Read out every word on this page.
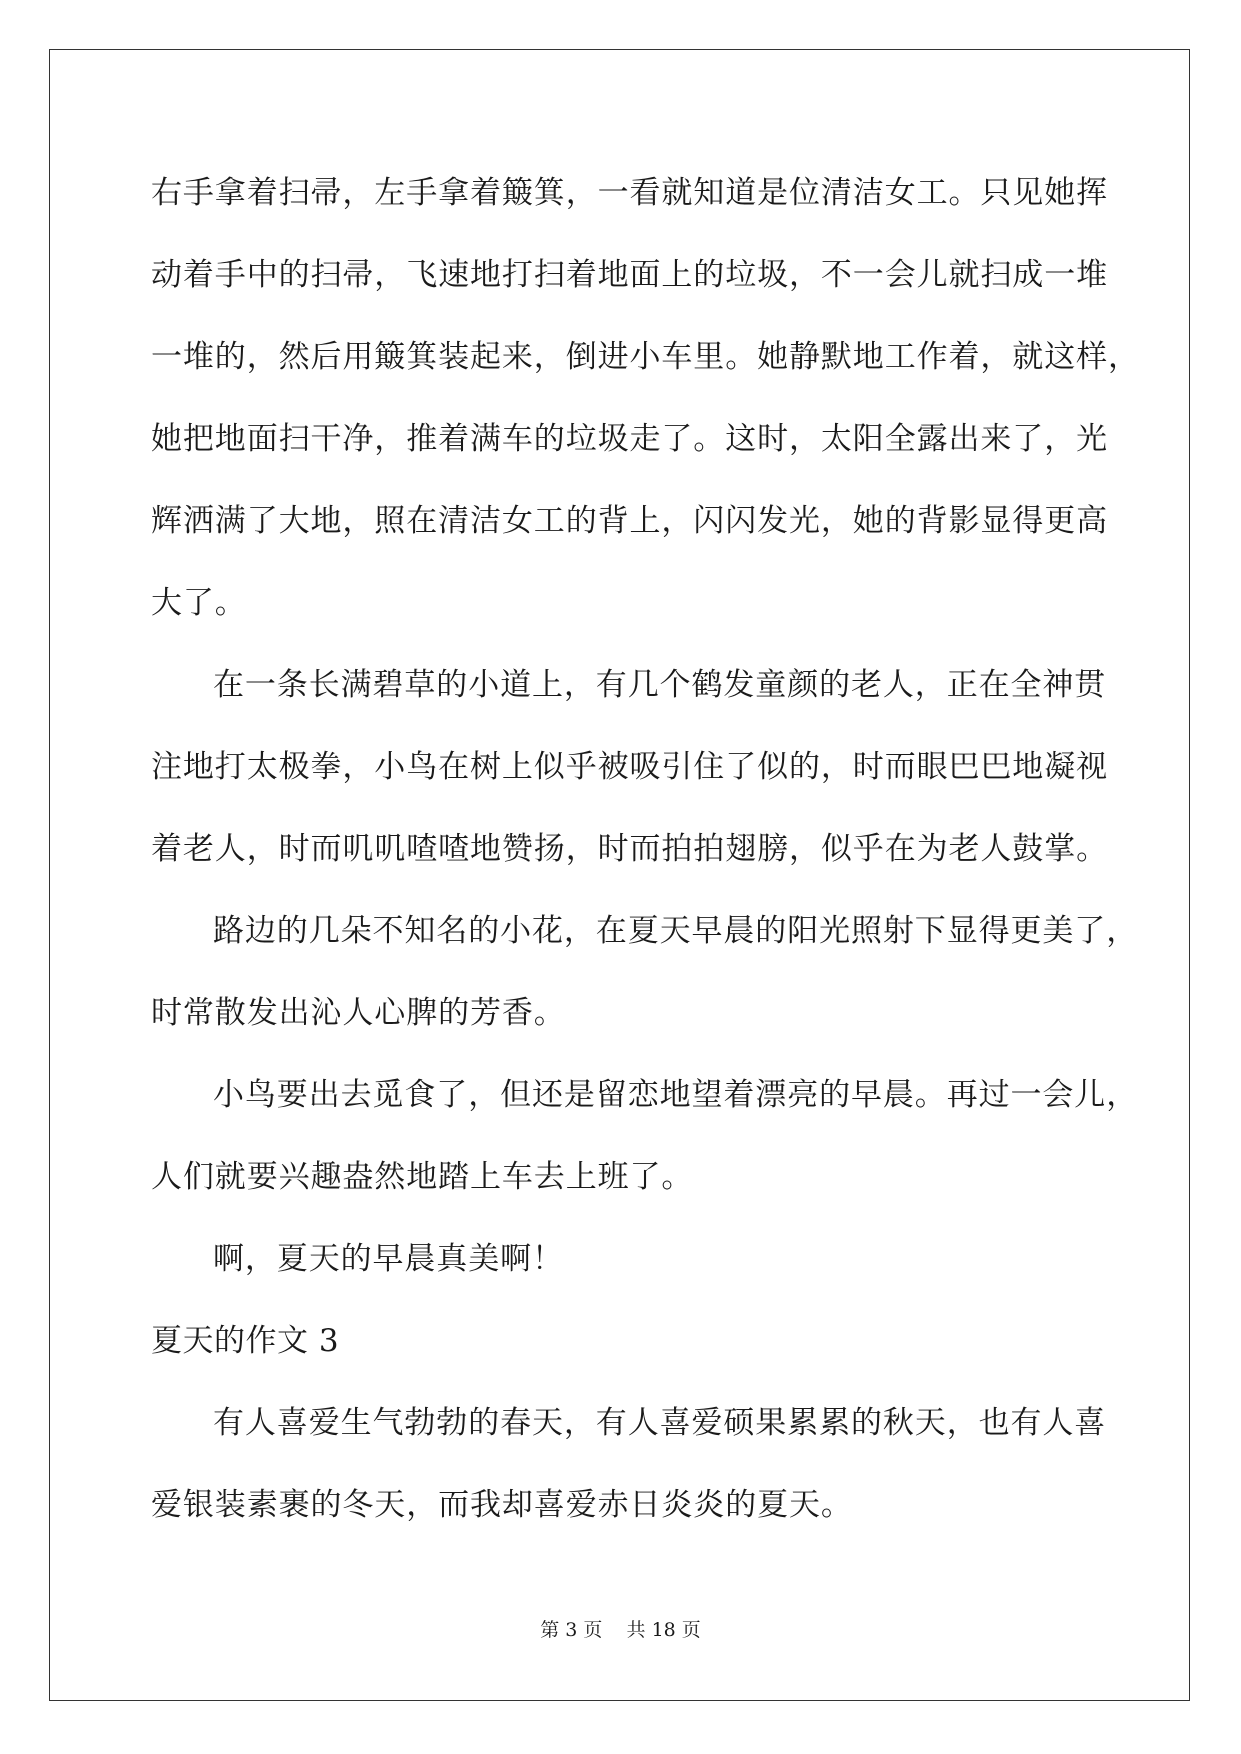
右手拿着扫帚，左手拿着簸箕，一看就知道是位清洁女工。只见她挥
动着手中的扫帚，飞速地打扫着地面上的垃圾，不一会儿就扫成一堆
一堆的，然后用簸箕装起来，倒进小车里。她静默地工作着，就这样，
她把地面扫干净，推着满车的垃圾走了。这时，太阳全露出来了，光
辉洒满了大地，照在清洁女工的背上，闪闪发光，她的背影显得更高
大了。
在一条长满碧草的小道上，有几个鹤发童颜的老人，正在全神贯
注地打太极拳，小鸟在树上似乎被吸引住了似的，时而眼巴巴地凝视
着老人，时而叽叽喳喳地赞扬，时而拍拍翅膀，似乎在为老人鼓掌。
路边的几朵不知名的小花，在夏天早晨的阳光照射下显得更美了，
时常散发出沁人心脾的芳香。
小鸟要出去觅食了，但还是留恋地望着漂亮的早晨。再过一会儿，
人们就要兴趣盎然地踏上车去上班了。
啊，夏天的早晨真美啊！
夏天的作文 3
有人喜爱生气勃勃的春天，有人喜爱硕果累累的秋天，也有人喜
爱银装素裹的冬天，而我却喜爱赤日炎炎的夏天。
第 3 页 共 18 页
